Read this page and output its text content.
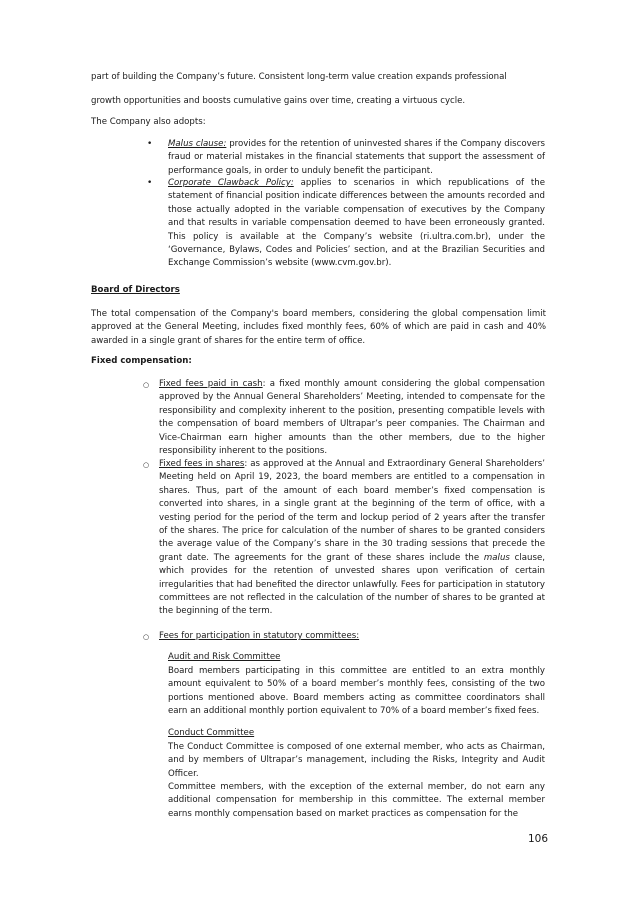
part of building the Company’s future. Consistent long-term value creation expands professional

growth opportunities and boosts cumulative gains over time, creating a virtuous cycle.

The Company also adopts:

• Malus clause: provides for the retention of uninvested shares if the Company discovers fraud or material mistakes in the financial statements that support the assessment of performance goals, in order to unduly benefit the participant.

• Corporate Clawback Policy: applies to scenarios in which republications of the statement of financial position indicate differences between the amounts recorded and those actually adopted in the variable compensation of executives by the Company and that results in variable compensation deemed to have been erroneously granted. This policy is available at the Company’s website (ri.ultra.com.br), under the ‘Governance, Bylaws, Codes and Policies’ section, and at the Brazilian Securities and Exchange Commission’s website (www.cvm.gov.br).

Board of Directors

The total compensation of the Company's board members, considering the global compensation limit approved at the General Meeting, includes fixed monthly fees, 60% of which are paid in cash and 40% awarded in a single grant of shares for the entire term of office.

Fixed compensation:

○ Fixed fees paid in cash: a fixed monthly amount considering the global compensation approved by the Annual General Shareholders’ Meeting, intended to compensate for the responsibility and complexity inherent to the position, presenting compatible levels with the compensation of board members of Ultrapar’s peer companies. The Chairman and Vice-Chairman earn higher amounts than the other members, due to the higher responsibility inherent to the positions.

○ Fixed fees in shares: as approved at the Annual and Extraordinary General Shareholders’ Meeting held on April 19, 2023, the board members are entitled to a compensation in shares. Thus, part of the amount of each board member’s fixed compensation is converted into shares, in a single grant at the beginning of the term of office, with a vesting period for the period of the term and lockup period of 2 years after the transfer of the shares. The price for calculation of the number of shares to be granted considers the average value of the Company’s share in the 30 trading sessions that precede the grant date. The agreements for the grant of these shares include the malus clause, which provides for the retention of unvested shares upon verification of certain irregularities that had benefited the director unlawfully. Fees for participation in statutory committees are not reflected in the calculation of the number of shares to be granted at the beginning of the term.

○ Fees for participation in statutory committees:

Audit and Risk Committee

Board members participating in this committee are entitled to an extra monthly amount equivalent to 50% of a board member’s monthly fees, consisting of the two portions mentioned above. Board members acting as committee coordinators shall earn an additional monthly portion equivalent to 70% of a board member’s fixed fees.

Conduct Committee

The Conduct Committee is composed of one external member, who acts as Chairman, and by members of Ultrapar’s management, including the Risks, Integrity and Audit Officer.

Committee members, with the exception of the external member, do not earn any additional compensation for membership in this committee. The external member earns monthly compensation based on market practices as compensation for the

106
